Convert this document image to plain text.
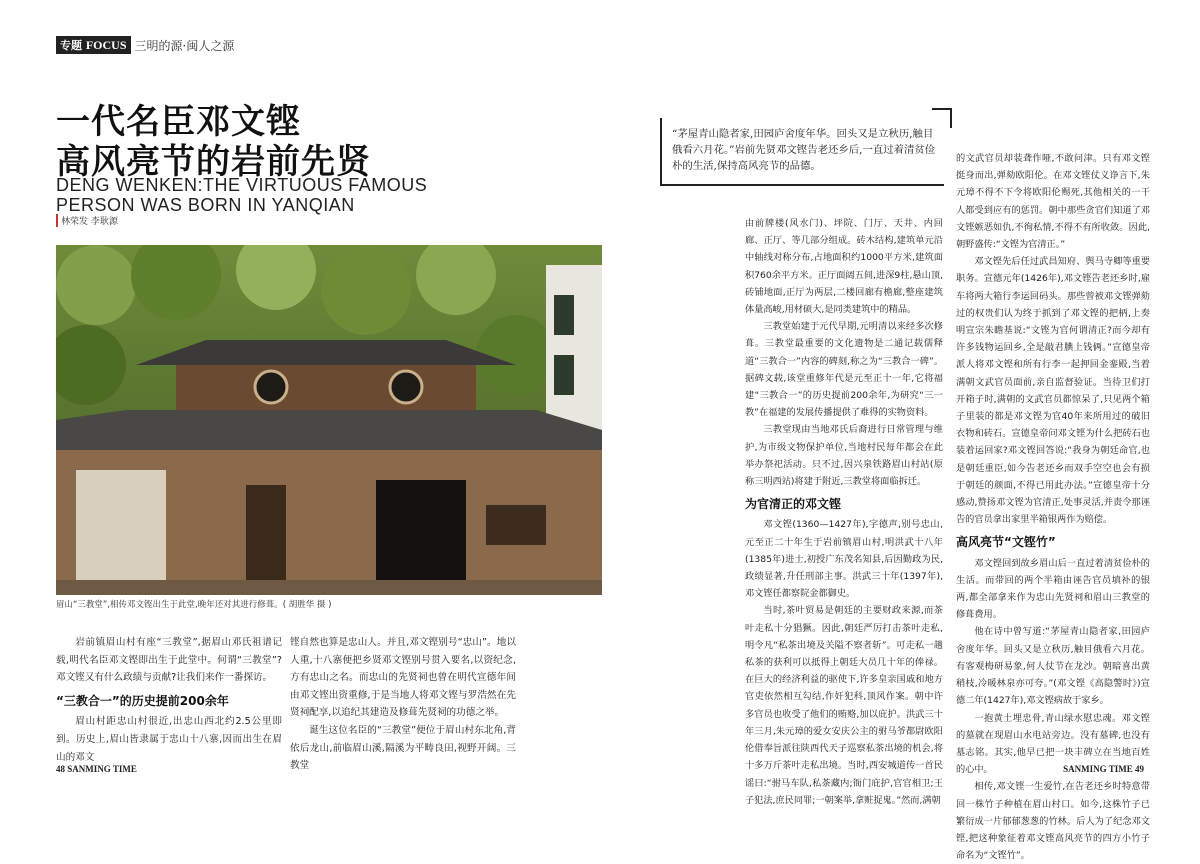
专题 FOCUS 三明的源·闽人之源
一代名臣邓文铿
高风亮节的岩前先贤
DENG WENKEN:THE VIRTUOUS FAMOUS
PERSON WAS BORN IN YANQIAN
林荣发 李耿源
眉山“三教堂”,相传邓文铿出生于此堂,晚年还对其进行修葺。( 胡胜华 摄 )

岩前镇眉山村有座“三教堂”,据眉山邓氏祖谱记载,明代名臣邓文铿即出生于此堂中。何谓“三教堂”?邓文铿又有什么政绩与贡献?让我们来作一番探访。

“三教合一”的历史提前200余年

眉山村距忠山村很近,出忠山西北约2.5公里即到。历史上,眉山皆隶属于忠山十八寨,因而出生在眉山的邓文

铿自然也算是忠山人。并且,邓文铿别号“忠山”。地以人重,十八寨便把乡贤邓文铿别号贯入要名,以资纪念,方有忠山之名。而忠山的先贤祠也曾在明代宣德年间由邓文铿出资重修,于是当地人将邓文铿与罗浩然在先贤祠配享,以追纪其建造及修葺先贤祠的功德之举。

诞生这位名臣的“三教堂”便位于眉山村东北角,背依后龙山,前临眉山溪,隔溪为平畴良田,视野开阔。三教堂

“茅屋青山隐者家,田园庐舍度年华。回头又是立秋历,触目俄看六月花。”岩前先贤邓文铿告老还乡后,一直过着清贫俭朴的生活,保持高风亮节的品德。

由前牌楼(风水门)、坪院、门厅、天井、内回廊、正厅、等几部分组成。砖木结构,建筑单元沿中轴线对称分布,占地面积约1000平方米,建筑面积760余平方米。正厅面阔五间,进深9柱,悬山顶,砖铺地面,正厅为两层,二楼回廊有檐廊,整座建筑体量高峻,用材硕大,是同类建筑中的精品。

三教堂始建于元代早期,元明清以来经多次修葺。三教堂最重要的文化遗物是二通记载儒释道“三教合一”内容的碑刻,称之为“三教合一碑”。据碑文载,该堂重修年代是元至正十一年,它将福建“三教合一”的历史提前200余年,为研究“三一教”在福建的发展传播提供了难得的实物资料。

三教堂现由当地邓氏后裔进行日常管理与维护,为市级文物保护单位,当地村民每年都会在此举办祭祀活动。只不过,因兴泉铁路眉山村站(原称三明西站)将建于附近,三教堂将面临拆迁。

为官清正的邓文铿

邓文铿(1360—1427年),字德声,别号忠山,元至正二十年生于岩前镇眉山村,明洪武十八年(1385年)进士,初授广东茂名知县,后因勤政为民,政绩显著,升任刑部主事。洪武三十年(1397年),邓文铿任都察院金都御史。

当时,茶叶贸易是朝廷的主要财政来源,而茶叶走私十分猖獗。因此,朝廷严厉打击茶叶走私,明令凡“私茶出境及关隘不察者斩”。可走私一趟私茶的获利可以抵得上朝廷大员几十年的俸禄。在巨大的经济利益的驱使下,许多皇亲国戚和地方官吏依然相互勾结,作奸犯科,顶风作案。朝中许多官员也收受了他们的贿赂,加以庇护。洪武三十年三月,朱元璋的爱女安庆公主的驸马爷都尉欧阳伦借奉旨派往陕西代天子巡察私茶出境的机会,将十多万斤茶叶走私出境。当时,西安城道传一首民谣曰:“驸马车队,私茶藏内;衙门庇护,官官相卫;王子犯法,庶民同罪;一朝案举,拿赃捉鬼。”然而,满朝

的文武官员却装聋作哑,不敢问津。只有邓文铿挺身而出,弹劾欧阳伦。在邓文铿仗义诤言下,朱元璋不得不下令将欧阳伦赐死,其他相关的一干人都受到应有的惩罚。朝中那些贪官们知道了邓文铿嫉恶如仇,不徇私情,不得不有所收敛。因此,朝野盛传:“文铿为官清正。”

邓文铿先后任过武昌知府、舆马寺卿等重要职务。宣德元年(1426年),邓文铿告老还乡时,雇车将两大箱行李运回码头。那些曾被邓文铿弹劾过的权贵们认为终于抓到了邓文铿的把柄,上奏明宣宗朱瞻基说:“文铿为官何谓清正?而今却有许多钱物运回乡,全是敲君腆上钱俩。”宣德皇帝派人将邓文铿和所有行李一起押回金銮殿,当着满朝文武官员面前,亲自监督验证。当待卫们打开箱子时,满朝的文武官员都惊呆了,只见两个箱子里装的都是邓文铿为官40年来所用过的破旧衣物和砖石。宣德皇帝问邓文铿为什么把砖石也装着运回家?邓文铿回答说:“我身为朝廷命官,也是朝廷重臣,如今告老还乡而双手空空也会有损于朝廷的颜面,不得已用此办法。”宣德皇帝十分感动,赞扬邓文铿为官清正,处事灵活,并责令那诬告的官员拿出家里半箱银两作为赔偿。

高风亮节“文铿竹”

邓文铿回到故乡眉山后一直过着清贫俭朴的生活。而带回的两个半箱由诬告官员填补的银两,都全部拿来作为忠山先贤祠和眉山三教堂的修葺费用。

他在诗中曾写道:“茅屋青山隐者家,田园庐舍度年华。回头又是立秋历,触目俄看六月花。有客观梅研易象,何人仗节在龙沙。朝暗喜出黄稍枝,冷暖林泉亦可夸。”(邓文铿《高隐警时》)宣德二年(1427年),邓文铿病故于家乡。

一抱黄土埋忠骨,青山绿水慰忠魂。邓文铿的墓就在现眉山水电站旁边。没有墓碑,也没有墓志铭。其实,他早已把一块丰碑立在当地百姓的心中。

相传,邓文铿一生爱竹,在告老还乡时特意带回一株竹子种植在眉山村口。如今,这株竹子已繁衍成一片郁郁葱葱的竹林。后人为了纪念邓文铿,把这种象征着邓文铿高风亮节的四方小竹子命名为“文铿竹”。

48 SANMING TIME	SANMING TIME 49
